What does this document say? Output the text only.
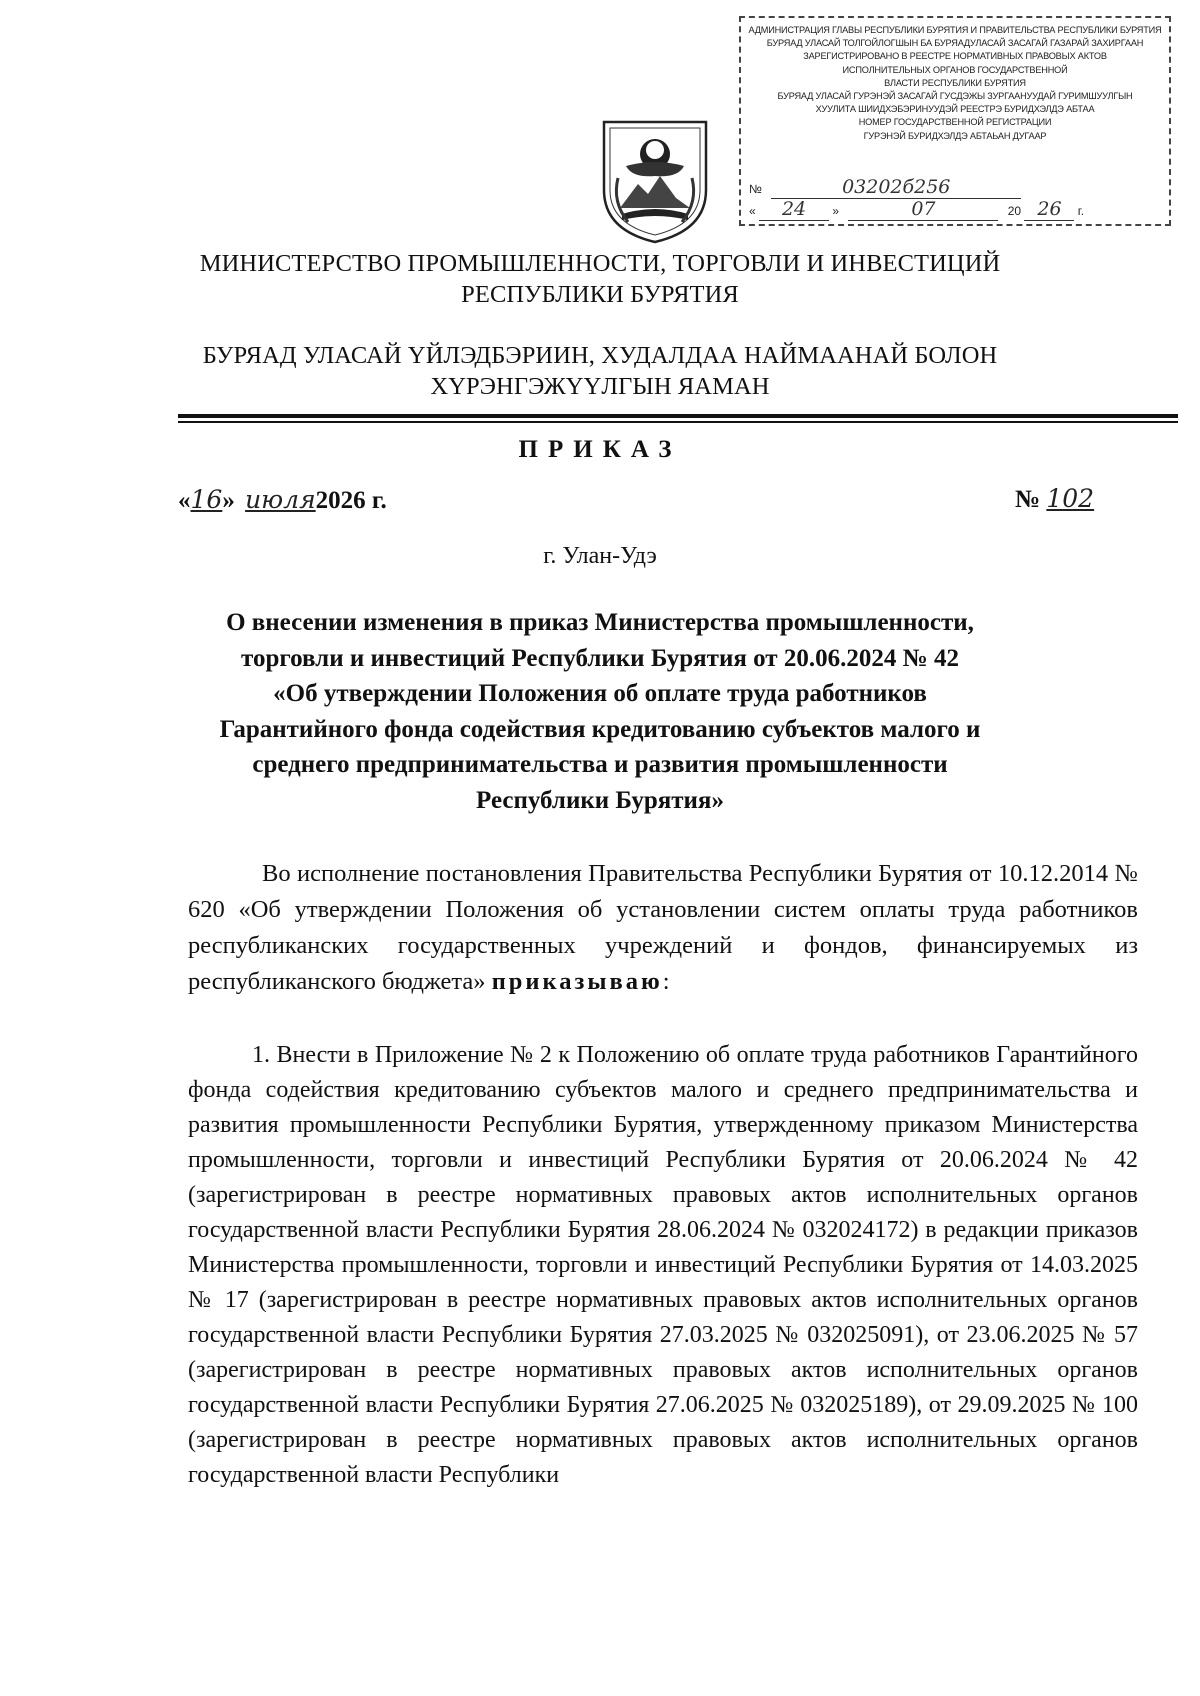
АДМИНИСТРАЦИЯ ГЛАВЫ РЕСПУБЛИКИ БУРЯТИЯ И ПРАВИТЕЛЬСТВА РЕСПУБЛИКИ БУРЯТИЯ
БУРЯАД УЛАСАЙ ТОЛГОЙЛОГШЫН БА БУРЯАДУЛАСАЙ ЗАСАГАЙ ГАЗАРАЙ ЗАХИРГААН
ЗАРЕГИСТРИРОВАНО В РЕЕСТРЕ НОРМАТИВНЫХ ПРАВОВЫХ АКТОВ
ИСПОЛНИТЕЛЬНЫХ ОРГАНОВ ГОСУДАРСТВЕННОЙ
ВЛАСТИ РЕСПУБЛИКИ БУРЯТИЯ
БУРЯАД УЛАСАЙ ГУРЭНЭЙ ЗАСАГАЙ ГУСДЭЖЫ ЗУРГААНУУДАЙ ГУРИМШУУЛГЫН
ХУУЛИТА ШИИДХЭБЭРИНУУДЭЙ РЕЕСТРЭ БУРИДХЭЛДЭ АБТАА
НОМЕР ГОСУДАРСТВЕННОЙ РЕГИСТРАЦИИ
ГУРЭНЭЙ БУРИДХЭЛДЭ АБТАЬАН ДУГААР
№	03202б256
« 24 »	07	20 26 г.
МИНИСТЕРСТВО ПРОМЫШЛЕННОСТИ, ТОРГОВЛИ И ИНВЕСТИЦИЙ
РЕСПУБЛИКИ БУРЯТИЯ
БУРЯАД УЛАСАЙ ҮЙЛЭДБЭРИИН, ХУДАЛДАА НАЙМААНАЙ БОЛОН
ХҮРЭНГЭЖҮҮЛГЫН ЯАМАН
ПРИКАЗ
«16» июля2026 г.	№ 102
г. Улан-Удэ
О внесении изменения в приказ Министерства промышленности,
торговли и инвестиций Республики Бурятия от 20.06.2024 № 42
«Об утверждении Положения об оплате труда работников
Гарантийного фонда содействия кредитованию субъектов малого и
среднего предпринимательства и развития промышленности
Республики Бурятия»
Во исполнение постановления Правительства Республики Бурятия от 10.12.2014 № 620 «Об утверждении Положения об установлении систем оплаты труда работников республиканских государственных учреждений и фондов, финансируемых из республиканского бюджета» приказываю:
1. Внести в Приложение № 2 к Положению об оплате труда работников Гарантийного фонда содействия кредитованию субъектов малого и среднего предпринимательства и развития промышленности Республики Бурятия, утвержденному приказом Министерства промышленности, торговли и инвестиций Республики Бурятия от 20.06.2024 № 42 (зарегистрирован в реестре нормативных правовых актов исполнительных органов государственной власти Республики Бурятия 28.06.2024 № 032024172) в редакции приказов Министерства промышленности, торговли и инвестиций Республики Бурятия от 14.03.2025 № 17 (зарегистрирован в реестре нормативных правовых актов исполнительных органов государственной власти Республики Бурятия 27.03.2025 № 032025091), от 23.06.2025 № 57 (зарегистрирован в реестре нормативных правовых актов исполнительных органов государственной власти Республики Бурятия 27.06.2025 № 032025189), от 29.09.2025 № 100 (зарегистрирован в реестре нормативных правовых актов исполнительных органов государственной власти Республики
